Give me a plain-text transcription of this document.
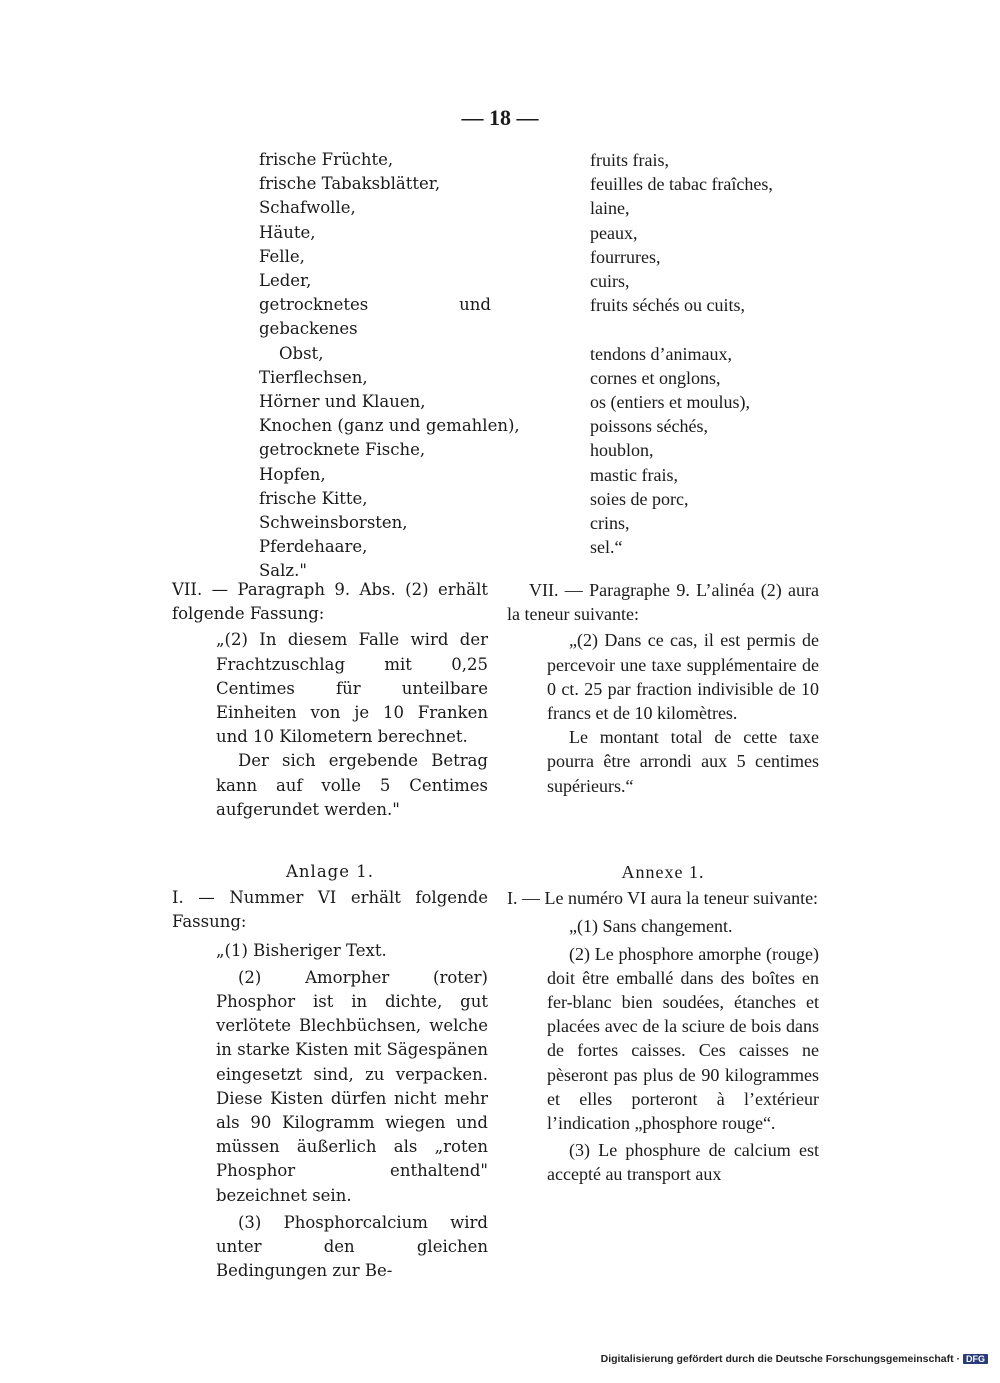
— 18 —
frische Früchte,
frische Tabaksblätter,
Schafwolle,
Häute,
Felle,
Leder,
getrocknetes und gebackenes
Obst,
Tierflechsen,
Hörner und Klauen,
Knochen (ganz und gemahlen),
getrocknete Fische,
Hopfen,
frische Kitte,
Schweinsborsten,
Pferdehaare,
Salz."
fruits frais,
feuilles de tabac fraîches,
laine,
peaux,
fourrures,
cuirs,
fruits séchés ou cuits,
tendons d’animaux,
cornes et onglons,
os (entiers et moulus),
poissons séchés,
houblon,
mastic frais,
soies de porc,
crins,
sel.“

VII. — Paragraph 9. Abs. (2) erhält folgende Fassung:

„(2) In diesem Falle wird der Frachtzuschlag mit 0,25 Centimes für unteilbare Einheiten von je 10 Franken und 10 Kilometern berechnet.

Der sich ergebende Betrag kann auf volle 5 Centimes aufgerundet werden."

VII. — Paragraphe 9. L’alinéa (2) aura la teneur suivante:

„(2) Dans ce cas, il est permis de percevoir une taxe supplémentaire de 0 ct. 25 par fraction indivisible de 10 francs et de 10 kilomètres.

Le montant total de cette taxe pourra être arrondi aux 5 centimes supérieurs.“

Anlage 1.

I. — Nummer VI erhält folgende Fassung:

„(1) Bisheriger Text.

(2) Amorpher (roter) Phosphor ist in dichte, gut verlötete Blechbüchsen, welche in starke Kisten mit Sägespänen eingesetzt sind, zu verpacken. Diese Kisten dürfen nicht mehr als 90 Kilogramm wiegen und müssen äußerlich als „roten Phosphor enthaltend" bezeichnet sein.

(3) Phosphorcalcium wird unter den gleichen Bedingungen zur Be-

Annexe 1.

I. — Le numéro VI aura la teneur suivante:

„(1) Sans changement.

(2) Le phosphore amorphe (rouge) doit être emballé dans des boîtes en fer-blanc bien soudées, étanches et placées avec de la sciure de bois dans de fortes caisses. Ces caisses ne pèseront pas plus de 90 kilogrammes et elles porteront à l’extérieur l’indication „phosphore rouge“.

(3) Le phosphure de calcium est accepté au transport aux

Digitalisierung gefördert durch die Deutsche Forschungsgemeinschaft · DFG
